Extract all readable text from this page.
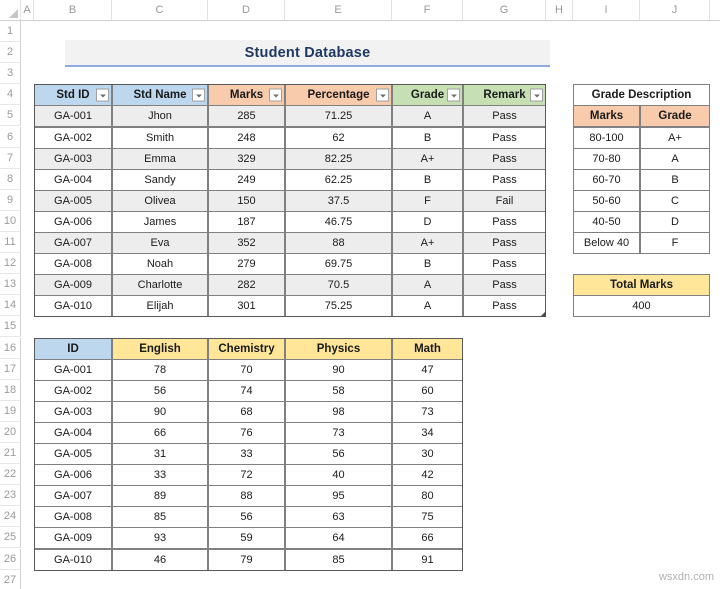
A	B	C	D	E	F	G	H	I	J
1
2
3
4
5
6
7
8
9
10
11
12
13
14
15
16
17
18
19
20
21
22
23
24
25
26
27
Student Database
Std ID	Std Name	Marks	Percentage	Grade	Remark
GA-001	Jhon	285	71.25	A	Pass
GA-002	Smith	248	62	B	Pass
GA-003	Emma	329	82.25	A+	Pass
GA-004	Sandy	249	62.25	B	Pass
GA-005	Olivea	150	37.5	F	Fail
GA-006	James	187	46.75	D	Pass
GA-007	Eva	352	88	A+	Pass
GA-008	Noah	279	69.75	B	Pass
GA-009	Charlotte	282	70.5	A	Pass
GA-010	Elijah	301	75.25	A	Pass
Grade Description
Marks	Grade
80-100	A+
70-80	A
60-70	B
50-60	C
40-50	D
Below 40	F
Total Marks
400
ID	English	Chemistry	Physics	Math
GA-001	78	70	90	47
GA-002	56	74	58	60
GA-003	90	68	98	73
GA-004	66	76	73	34
GA-005	31	33	56	30
GA-006	33	72	40	42
GA-007	89	88	95	80
GA-008	85	56	63	75
GA-009	93	59	64	66
GA-010	46	79	85	91
wsxdn.com
